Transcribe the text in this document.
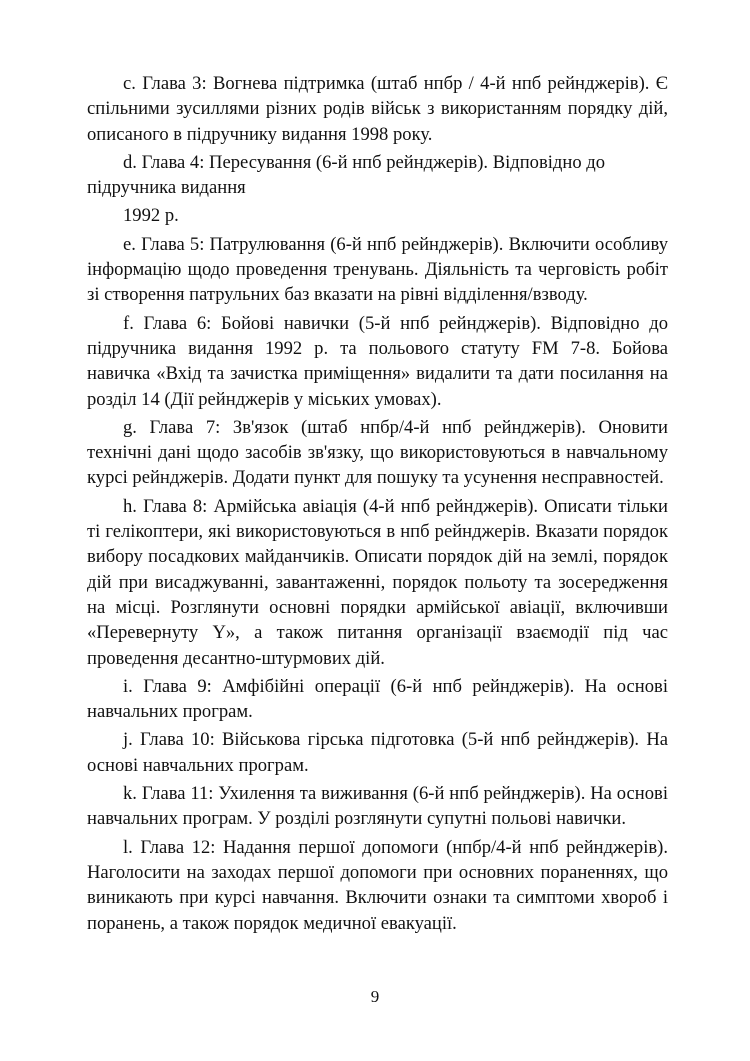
c. Глава 3: Вогнева підтримка (штаб нпбр / 4-й нпб рейнджерів). Є спільними зусиллями різних родів військ з використанням порядку дій, описаного в підручнику видання 1998 року.

d. Глава 4: Пересування (6-й нпб рейнджерів). Відповідно до підручника видання

1992 р.

e. Глава 5: Патрулювання (6-й нпб рейнджерів). Включити особливу інформацію щодо проведення тренувань. Діяльність та черговість робіт зі створення патрульних баз вказати на рівні відділення/взводу.

f. Глава 6: Бойові навички (5-й нпб рейнджерів). Відповідно до підручника видання 1992 р. та польового статуту FM 7-8. Бойова навичка «Вхід та зачистка приміщення» видалити та дати посилання на розділ 14 (Дії рейнджерів у міських умовах).

g. Глава 7: Зв'язок (штаб нпбр/4-й нпб рейнджерів). Оновити технічні дані щодо засобів зв'язку, що використовуються в навчальному курсі рейнджерів. Додати пункт для пошуку та усунення несправностей.

h. Глава 8: Армійська авіація (4-й нпб рейнджерів). Описати тільки ті гелікоптери, які використовуються в нпб рейнджерів. Вказати порядок вибору посадкових майданчиків. Описати порядок дій на землі, порядок дій при висаджуванні, завантаженні, порядок польоту та зосередження на місці. Розглянути основні порядки армійської авіації, включивши «Перевернуту Y», а також питання організації взаємодії під час проведення десантно-штурмових дій.

i. Глава 9: Амфібійні операції (6-й нпб рейнджерів). На основі навчальних програм.

j. Глава 10: Військова гірська підготовка (5-й нпб рейнджерів). На основі навчальних програм.

k. Глава 11: Ухилення та виживання (6-й нпб рейнджерів). На основі навчальних програм. У розділі розглянути супутні польові навички.

l. Глава 12: Надання першої допомоги (нпбр/4-й нпб рейнджерів). Наголосити на заходах першої допомоги при основних пораненнях, що виникають при курсі навчання. Включити ознаки та симптоми хвороб і поранень, а також порядок медичної евакуації.

9
